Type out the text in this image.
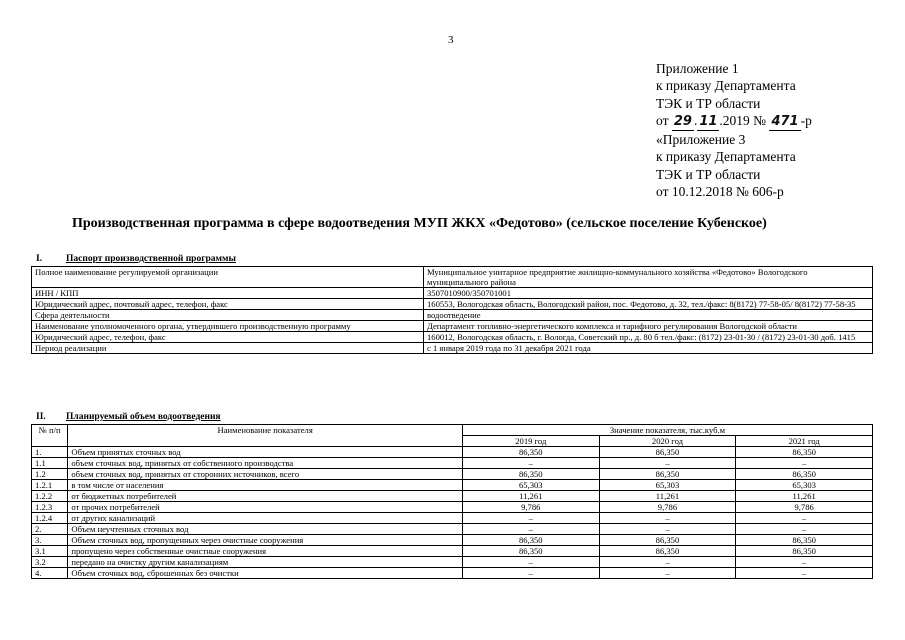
3
Приложение 1
к приказу Департамента
ТЭК и ТР области
от 29 . 11 .2019 № 471 -р
«Приложение 3
к приказу Департамента
ТЭК и ТР области
от 10.12.2018 № 606-р
Производственная программа в сфере водоотведения МУП ЖКХ «Федотово» (сельское поселение Кубенское)
I.	Паспорт производственной программы
Полное наименование регулируемой организации	Муниципальное унитарное предприятие жилищно-коммунального хозяйства «Федотово» Вологодского муниципального района
ИНН / КПП	3507010900/350701001
Юридический адрес, почтовый адрес, телефон, факс	160553, Вологодская область, Вологодский район, пос. Федотово, д. 32, тел./факс: 8(8172) 77-58-05/ 8(8172) 77-58-35
Сфера деятельности	водоотведение
Наименование уполномоченного органа, утвердившего производственную программу	Департамент топливно-энергетического комплекса и тарифного регулирования Вологодской области
Юридический адрес, телефон, факс	160012, Вологодская область, г. Вологда, Советский пр., д. 80 б тел./факс: (8172) 23-01-30 / (8172) 23-01-30 доб. 1415
Период реализации	с 1 января 2019 года по 31 декабря 2021 года
II. Планируемый объем водоотведения
№ п/п	Наименование показателя	Значение показателя, тыс.куб.м		
		2019 год	2020 год	2021 год
1.	Объем принятых сточных вод	86,350	86,350	86,350
1.1	объем сточных вод, принятых от собственного производства	–	–	–
1.2	объем сточных вод, принятых от сторонних источников, всего	86,350	86,350	86,350
1.2.1	в том числе от населения	65,303	65,303	65,303
1.2.2	от бюджетных потребителей	11,261	11,261	11,261
1.2.3	от прочих потребителей	9,786	9,786	9,786
1.2.4	от других канализаций	–	–	–
2.	Объем неучтенных сточных вод	–	–	–
3.	Объем сточных вод, пропущенных через очистные сооружения	86,350	86,350	86,350
3.1	пропущено через собственные очистные сооружения	86,350	86,350	86,350
3.2	передано на очистку другим канализациям	–	–	–
4.	Объем сточных вод, сброшенных без очистки	–	–	–
